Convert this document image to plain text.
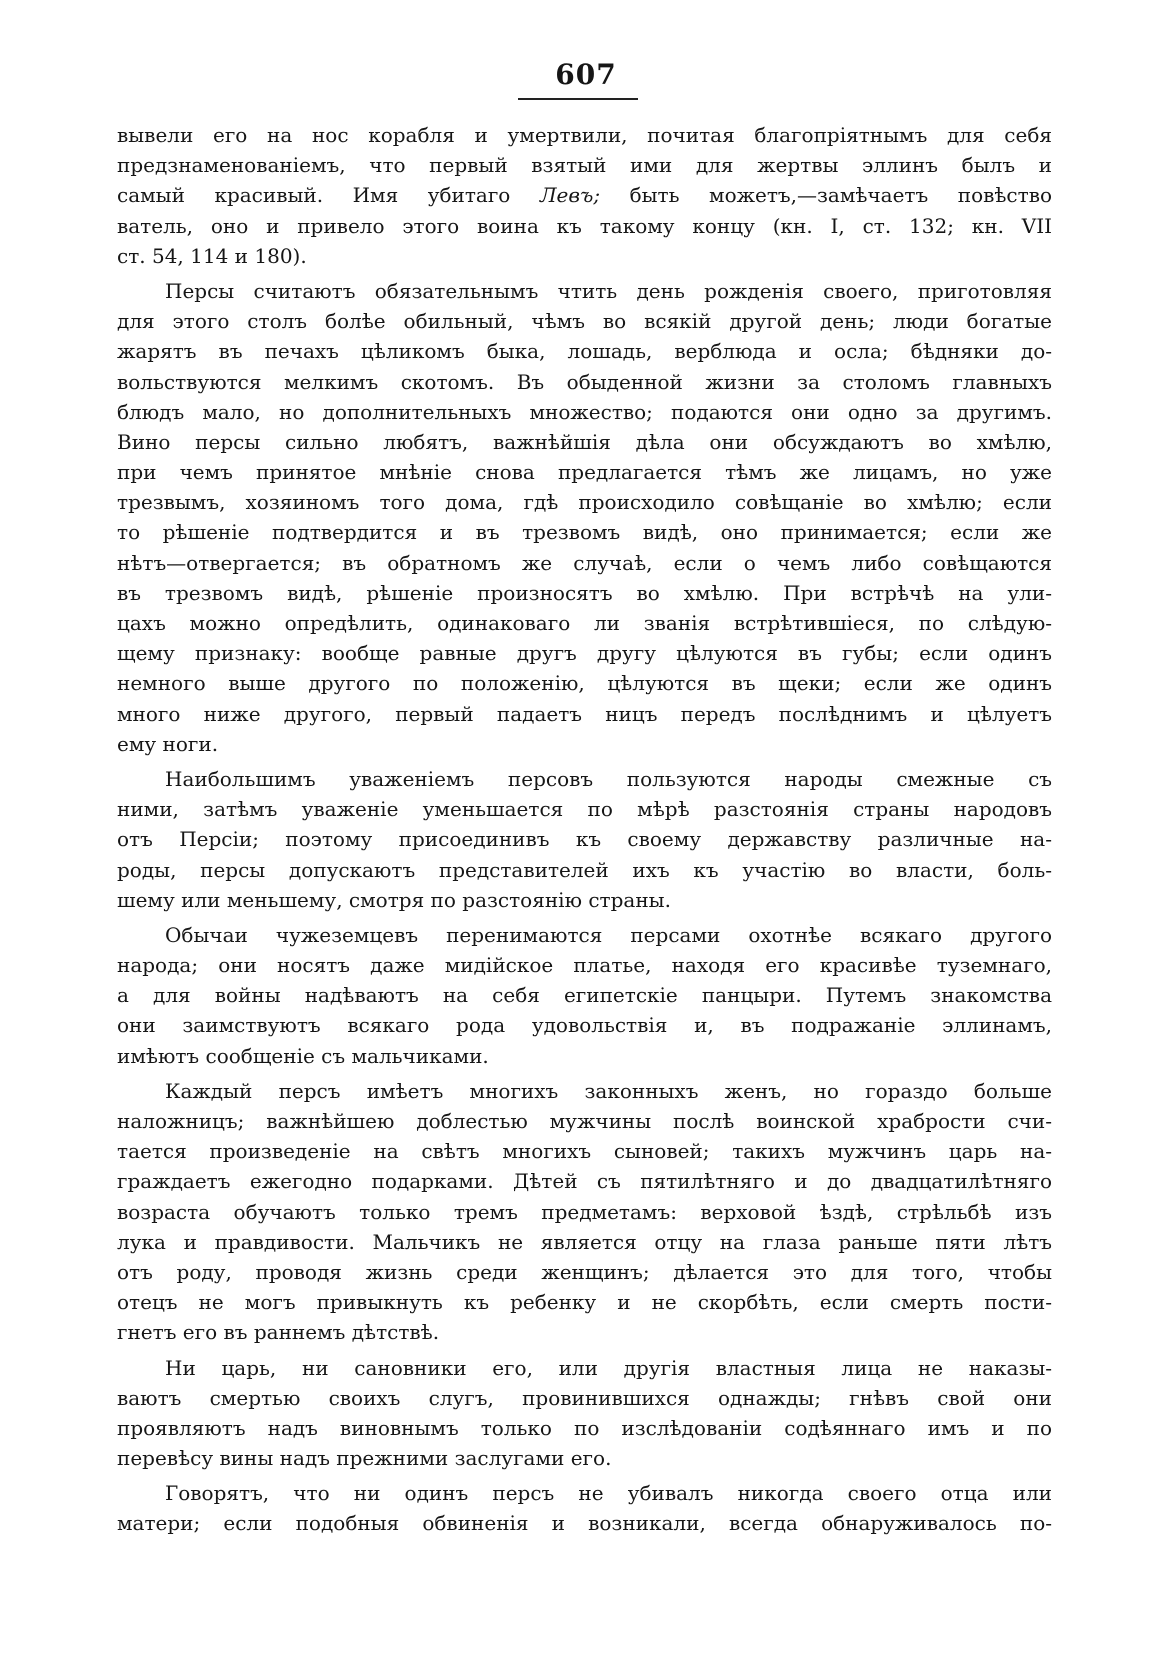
607
вывели его на нос корабля и умертвили, почитая благопріятнымъ для себя
предзнаменованіемъ, что первый взятый ими для жертвы эллинъ былъ и
самый красивый. Имя убитаго Левъ; быть можетъ,—замѣчаетъ повѣство
ватель, оно и привело этого воина къ такому концу (кн. I, ст. 132; кн. VII
ст. 54, 114 и 180).
Персы считаютъ обязательнымъ чтить день рожденія своего, приготовляя
для этого столъ болѣе обильный, чѣмъ во всякій другой день; люди богатые
жарятъ въ печахъ цѣликомъ быка, лошадь, верблюда и осла; бѣдняки до-
вольствуются мелкимъ скотомъ. Въ обыденной жизни за столомъ главныхъ
блюдъ мало, но дополнительныхъ множество; подаются они одно за другимъ.
Вино персы сильно любятъ, важнѣйшія дѣла они обсуждаютъ во хмѣлю,
при чемъ принятое мнѣніе снова предлагается тѣмъ же лицамъ, но уже
трезвымъ, хозяиномъ того дома, гдѣ происходило совѣщаніе во хмѣлю; если
то рѣшеніе подтвердится и въ трезвомъ видѣ, оно принимается; если же
нѣтъ—отвергается; въ обратномъ же случаѣ, если о чемъ либо совѣщаются
въ трезвомъ видѣ, рѣшеніе произносятъ во хмѣлю. При встрѣчѣ на ули-
цахъ можно опредѣлить, одинаковаго ли званія встрѣтившіеся, по слѣдую-
щему признаку: вообще равные другъ другу цѣлуются въ губы; если одинъ
немного выше другого по положенію, цѣлуются въ щеки; если же одинъ
много ниже другого, первый падаетъ ницъ передъ послѣднимъ и цѣлуетъ
ему ноги.
Наибольшимъ уваженіемъ персовъ пользуются народы смежные съ
ними, затѣмъ уваженіе уменьшается по мѣрѣ разстоянія страны народовъ
отъ Персіи; поэтому присоединивъ къ своему державству различные на-
роды, персы допускаютъ представителей ихъ къ участію во власти, боль-
шему или меньшему, смотря по разстоянію страны.
Обычаи чужеземцевъ перенимаются персами охотнѣе всякаго другого
народа; они носятъ даже мидійское платье, находя его красивѣе туземнаго,
а для войны надѣваютъ на себя египетскіе панцыри. Путемъ знакомства
они заимствуютъ всякаго рода удовольствія и, въ подражаніе эллинамъ,
имѣютъ сообщеніе съ мальчиками.
Каждый персъ имѣетъ многихъ законныхъ женъ, но гораздо больше
наложницъ; важнѣйшею доблестью мужчины послѣ воинской храбрости счи-
тается произведеніе на свѣтъ многихъ сыновей; такихъ мужчинъ царь на-
граждаетъ ежегодно подарками. Дѣтей съ пятилѣтняго и до двадцатилѣтняго
возраста обучаютъ только тремъ предметамъ: верховой ѣздѣ, стрѣльбѣ изъ
лука и правдивости. Мальчикъ не является отцу на глаза раньше пяти лѣтъ
отъ роду, проводя жизнь среди женщинъ; дѣлается это для того, чтобы
отецъ не могъ привыкнуть къ ребенку и не скорбѣть, если смерть пости-
гнетъ его въ раннемъ дѣтствѣ.
Ни царь, ни сановники его, или другія властныя лица не наказы-
ваютъ смертью своихъ слугъ, провинившихся однажды; гнѣвъ свой они
проявляютъ надъ виновнымъ только по изслѣдованіи содѣяннаго имъ и по
перевѣсу вины надъ прежними заслугами его.
Говорятъ, что ни одинъ персъ не убивалъ никогда своего отца или
матери; если подобныя обвиненія и возникали, всегда обнаруживалось по-
